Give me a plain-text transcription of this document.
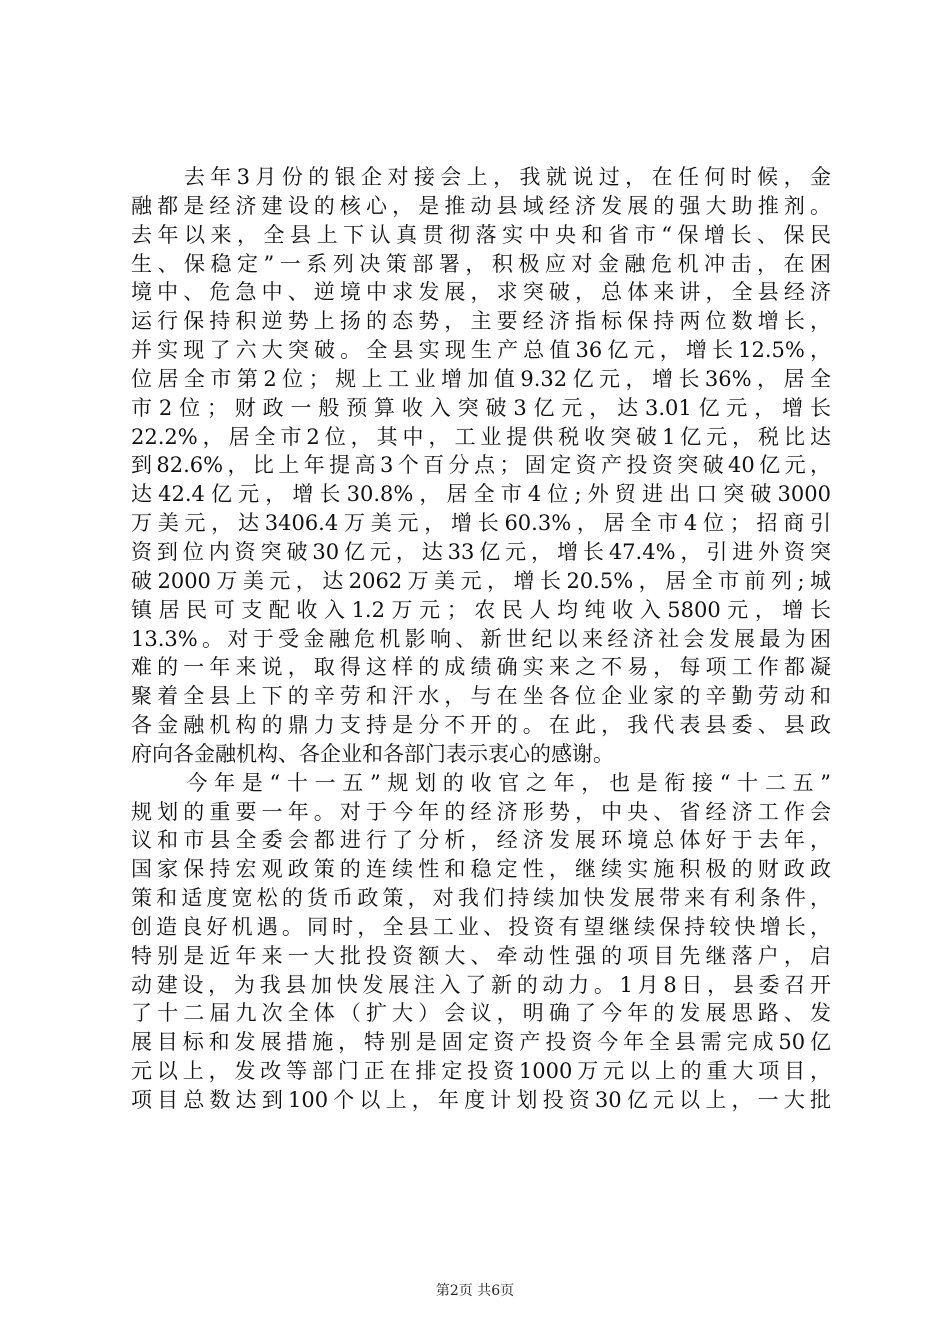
　　去年3月份的银企对接会上，我就说过，在任何时候，金
融都是经济建设的核心，是推动县域经济发展的强大助推剂。
去年以来，全县上下认真贯彻落实中央和省市“保增长、保民
生、保稳定”一系列决策部署，积极应对金融危机冲击，在困
境中、危急中、逆境中求发展，求突破，总体来讲，全县经济
运行保持积逆势上扬的态势，主要经济指标保持两位数增长，
并实现了六大突破。全县实现生产总值36亿元，增长12.5%，
位居全市第2位；规上工业增加值9.32亿元，增长36%，居全
市2位；财政一般预算收入突破3亿元，达3.01亿元，增长
22.2%，居全市2位，其中，工业提供税收突破1亿元，税比达
到82.6%，比上年提高3个百分点；固定资产投资突破40亿元，
达42.4亿元，增长30.8%，居全市4位;外贸进出口突破3000
万美元，达3406.4万美元，增长60.3%，居全市4位；招商引
资到位内资突破30亿元，达33亿元，增长47.4%，引进外资突
破2000万美元，达2062万美元，增长20.5%，居全市前列;城
镇居民可支配收入1.2万元；农民人均纯收入5800元，增长
13.3%。对于受金融危机影响、新世纪以来经济社会发展最为困
难的一年来说，取得这样的成绩确实来之不易，每项工作都凝
聚着全县上下的辛劳和汗水，与在坐各位企业家的辛勤劳动和
各金融机构的鼎力支持是分不开的。在此，我代表县委、县政
府向各金融机构、各企业和各部门表示衷心的感谢。
　　今年是“十一五”规划的收官之年，也是衔接“十二五”
规划的重要一年。对于今年的经济形势，中央、省经济工作会
议和市县全委会都进行了分析，经济发展环境总体好于去年，
国家保持宏观政策的连续性和稳定性，继续实施积极的财政政
策和适度宽松的货币政策，对我们持续加快发展带来有利条件，
创造良好机遇。同时，全县工业、投资有望继续保持较快增长，
特别是近年来一大批投资额大、牵动性强的项目先继落户，启
动建设，为我县加快发展注入了新的动力。1月8日，县委召开
了十二届九次全体（扩大）会议，明确了今年的发展思路、发
展目标和发展措施，特别是固定资产投资今年全县需完成50亿
元以上，发改等部门正在排定投资1000万元以上的重大项目，
项目总数达到100个以上，年度计划投资30亿元以上，一大批
第2页 共6页
